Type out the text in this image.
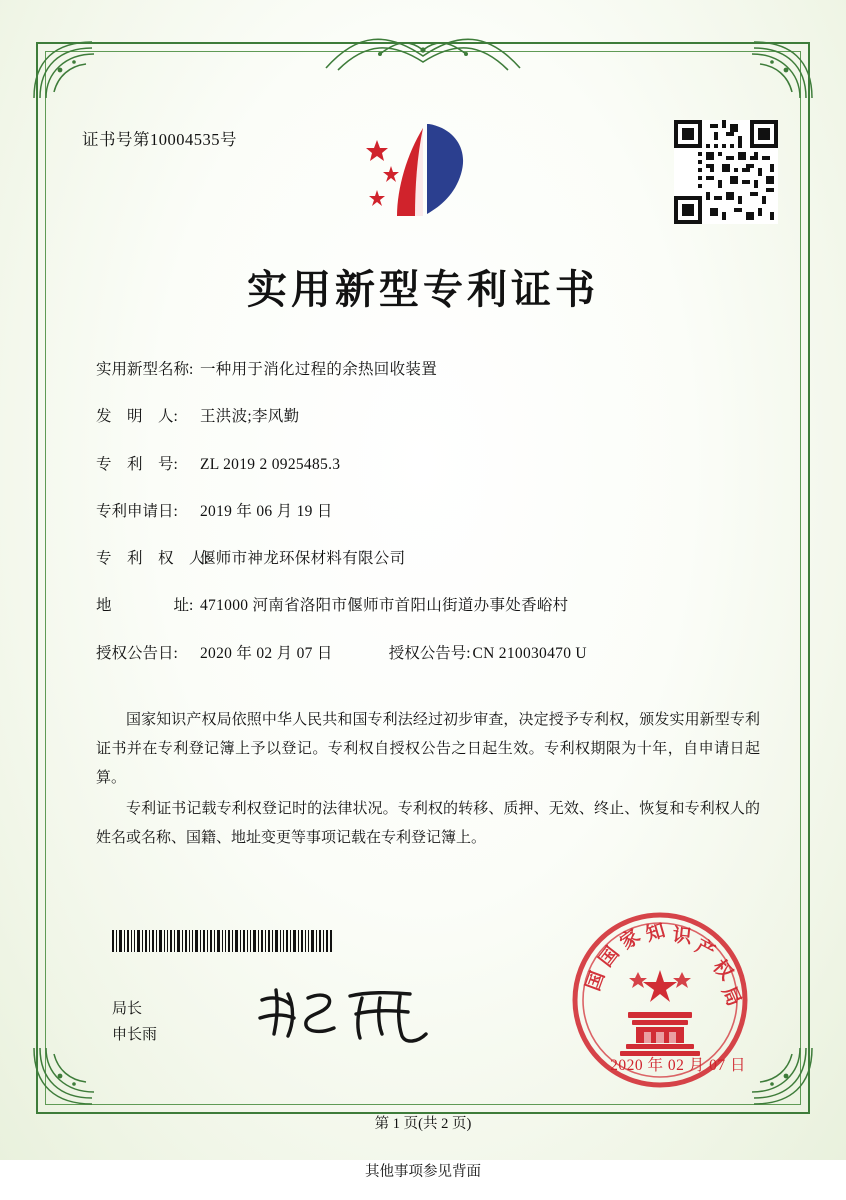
证书号第10004535号
实用新型专利证书
实用新型名称: 一种用于消化过程的余热回收装置
发　明　人:	王洪波;李风勤
专　利　号:	ZL 2019 2 0925485.3
专利申请日:	2019 年 06 月 19 日
专　利　权　人:
偃师市神龙环保材料有限公司
地　　　　址: 471000 河南省洛阳市偃师市首阳山街道办事处香峪村
授权公告日:	2020 年 02 月 07 日	授权公告号: CN 210030470 U

国家知识产权局依照中华人民共和国专利法经过初步审查，决定授予专利权，颁发实用新型专利证书并在专利登记簿上予以登记。专利权自授权公告之日起生效。专利权期限为十年，自申请日起算。

专利证书记载专利权登记时的法律状况。专利权的转移、质押、无效、终止、恢复和专利权人的姓名或名称、国籍、地址变更等事项记载在专利登记簿上。

局长
申长雨
国
家
知 识
产
权
局
国
2020 年 02 月 07 日
第 1 页(共 2 页)
其他事项参见背面
